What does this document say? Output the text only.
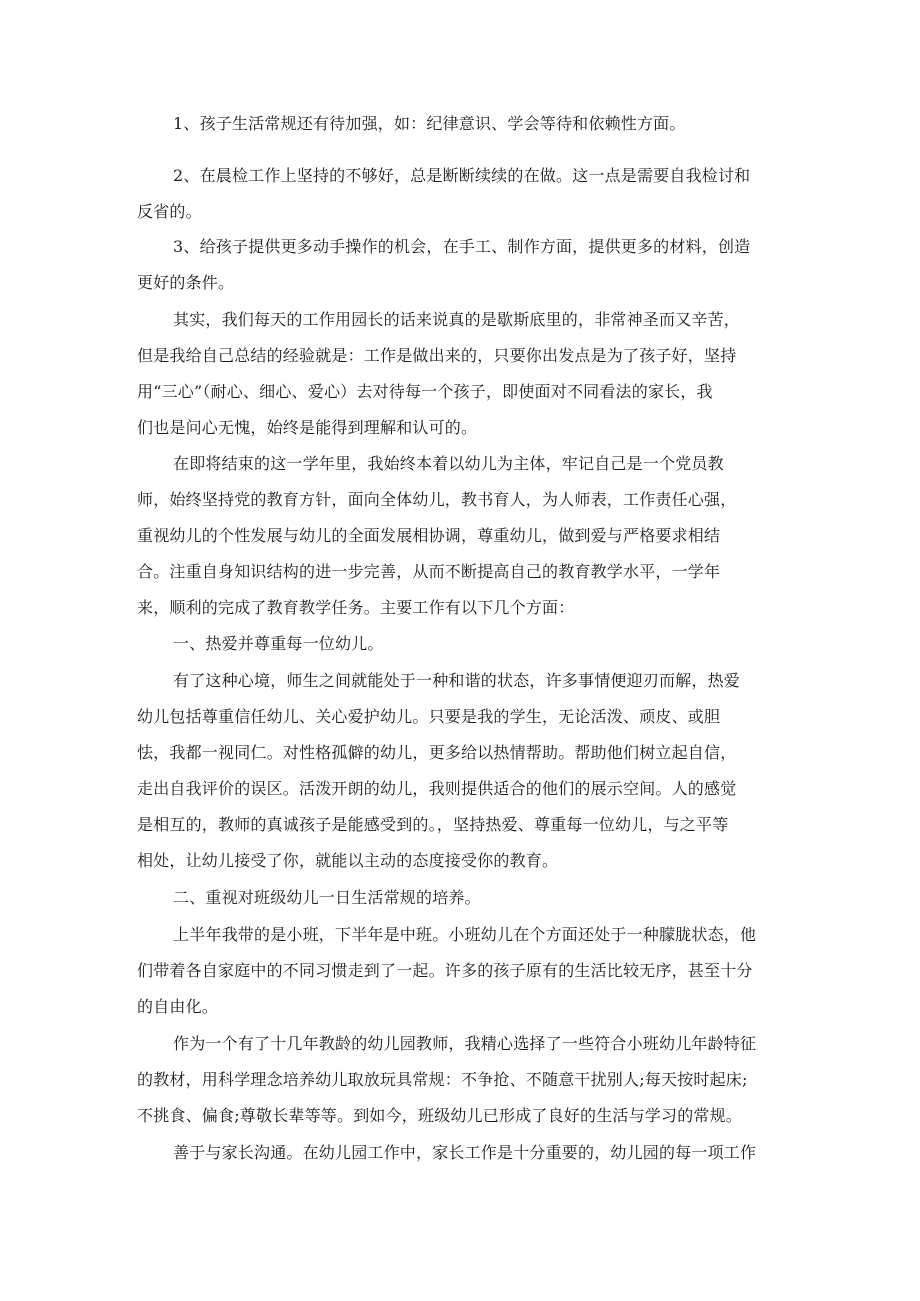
1、孩子生活常规还有待加强，如：纪律意识、学会等待和依赖性方面。
2、在晨检工作上坚持的不够好，总是断断续续的在做。这一点是需要自我检讨和
反省的。
3、给孩子提供更多动手操作的机会，在手工、制作方面，提供更多的材料，创造
更好的条件。
其实，我们每天的工作用园长的话来说真的是歇斯底里的，非常神圣而又辛苦，
但是我给自己总结的经验就是：工作是做出来的，只要你出发点是为了孩子好，坚持
用“三心”（耐心、细心、爱心）去对待每一个孩子，即使面对不同看法的家长，我
们也是问心无愧，始终是能得到理解和认可的。
在即将结束的这一学年里，我始终本着以幼儿为主体，牢记自己是一个党员教
师，始终坚持党的教育方针，面向全体幼儿，教书育人，为人师表，工作责任心强，
重视幼儿的个性发展与幼儿的全面发展相协调，尊重幼儿，做到爱与严格要求相结
合。注重自身知识结构的进一步完善，从而不断提高自己的教育教学水平，一学年
来，顺利的完成了教育教学任务。主要工作有以下几个方面：
一、热爱并尊重每一位幼儿。
有了这种心境，师生之间就能处于一种和谐的状态，许多事情便迎刃而解，热爱
幼儿包括尊重信任幼儿、关心爱护幼儿。只要是我的学生，无论活泼、顽皮、或胆
怯，我都一视同仁。对性格孤僻的幼儿，更多给以热情帮助。帮助他们树立起自信，
走出自我评价的误区。活泼开朗的幼儿，我则提供适合的他们的展示空间。人的感觉
是相互的，教师的真诚孩子是能感受到的。，坚持热爱、尊重每一位幼儿，与之平等
相处，让幼儿接受了你，就能以主动的态度接受你的教育。
二、重视对班级幼儿一日生活常规的培养。
上半年我带的是小班，下半年是中班。小班幼儿在个方面还处于一种朦胧状态，他
们带着各自家庭中的不同习惯走到了一起。许多的孩子原有的生活比较无序，甚至十分
的自由化。
作为一个有了十几年教龄的幼儿园教师，我精心选择了一些符合小班幼儿年龄特征
的教材，用科学理念培养幼儿取放玩具常规：不争抢、不随意干扰别人;每天按时起床;
不挑食、偏食;尊敬长辈等等。到如今，班级幼儿已形成了良好的生活与学习的常规。
善于与家长沟通。在幼儿园工作中，家长工作是十分重要的，幼儿园的每一项工作
